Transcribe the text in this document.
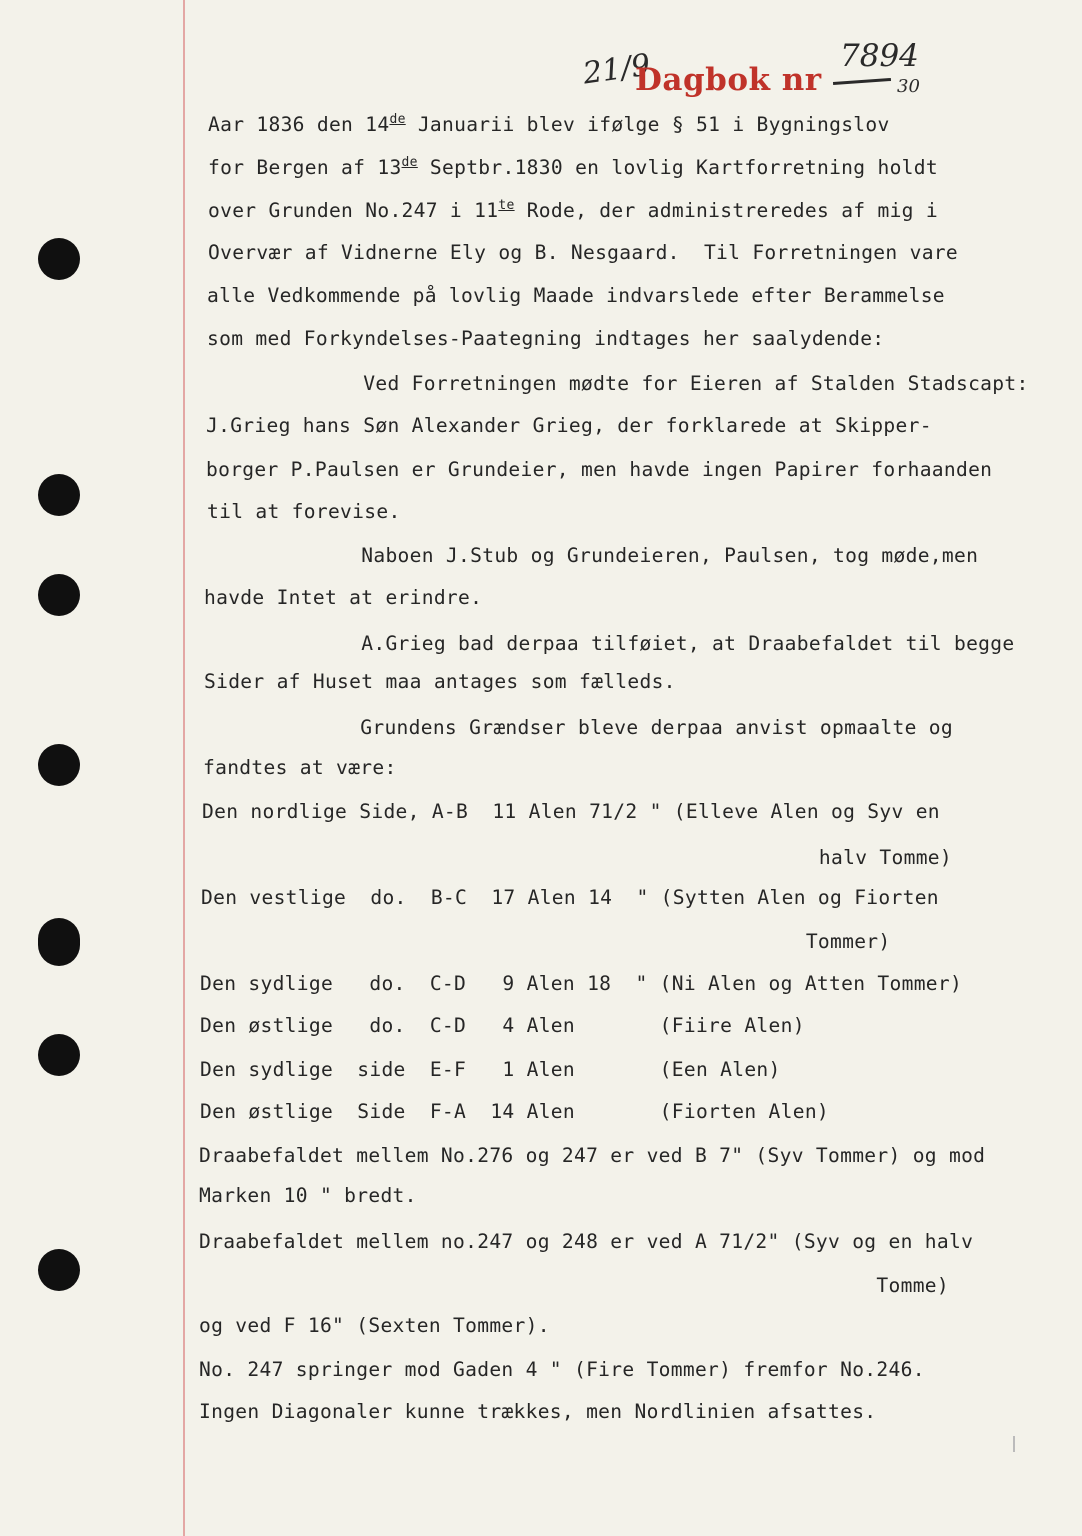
21/9
Dagbok nr
7894
30
Aar 1836 den 14de Januarii blev ifølge § 51 i Bygningslov
for Bergen af 13de Septbr.1830 en lovlig Kartforretning holdt
over Grunden No.247 i $11^{te}$ Rode, der administreredes af mig i
Overvær af Vidnerne Ely og B. Nesgaard.  Til Forretningen vare
alle Vedkommende på lovlig Maade indvarslede efter Berammelse
som med Forkyndelses-Paategning indtages her saalydende:
Ved Forretningen mødte for Eieren af Stalden Stadscapt:
J.Grieg hans Søn Alexander Grieg, der forklarede at Skipper-
borger P.Paulsen er Grundeier, men havde ingen Papirer forhaanden
til at forevise.
Naboen J.Stub og Grundeieren, Paulsen, tog møde,men
havde Intet at erindre.
A.Grieg bad derpaa tilføiet, at Draabefaldet til begge
Sider af Huset maa antages som fælleds.
Grundens Grændser bleve derpaa anvist opmaalte og
fandtes at være:
Den nordlige Side, A-B  11 Alen 71/2 " (Elleve Alen og Syv en
halv Tomme)
Den vestlige  do.  B-C  17 Alen 14  " (Sytten Alen og Fiorten
Tommer)
Den sydlige   do.  C-D   9 Alen 18  " (Ni Alen og Atten Tommer)
Den østlige   do.  C-D   4 Alen       (Fiire Alen)
Den sydlige  side  E-F   1 Alen       (Een Alen)
Den østlige  Side  F-A  14 Alen       (Fiorten Alen)
Draabefaldet mellem No.276 og 247 er ved B 7" (Syv Tommer) og mod
Marken 10 " bredt.
Draabefaldet mellem no.247 og 248 er ved A 71/2" (Syv og en halv
Tomme)
og ved F 16" (Sexten Tommer).
No. 247 springer mod Gaden 4 " (Fire Tommer) fremfor No.246.
Ingen Diagonaler kunne trækkes, men Nordlinien afsattes.
